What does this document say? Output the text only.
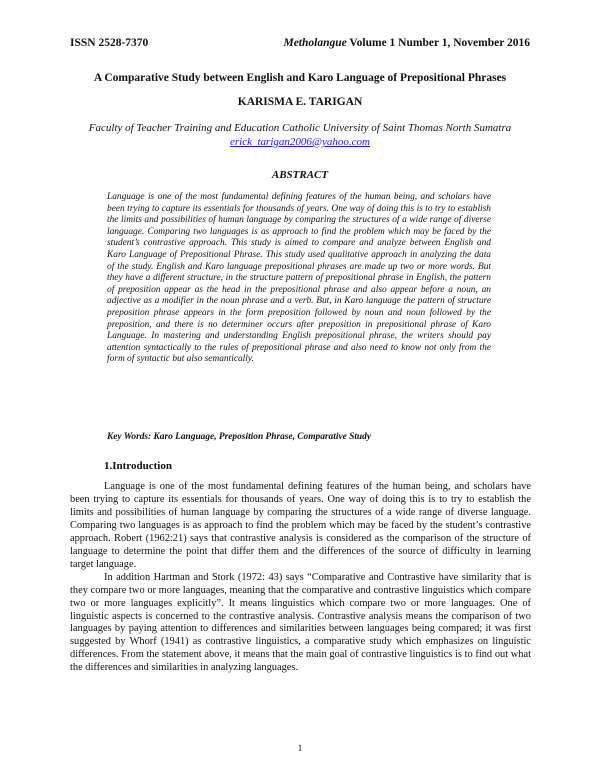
ISSN 2528-7370	Metholangue Volume 1 Number 1, November 2016
A Comparative Study between English and Karo Language of Prepositional Phrases
KARISMA E. TARIGAN
Faculty of Teacher Training and Education Catholic University of Saint Thomas North Sumatra
erick_tarigan2006@yahoo.com
ABSTRACT

Language is one of the most fundamental defining features of the human being, and scholars have been trying to capture its essentials for thousands of years. One way of doing this is to try to establish the limits and possibilities of human language by comparing the structures of a wide range of diverse language. Comparing two languages is as approach to find the problem which may be faced by the student’s contrastive approach. This study is aimed to compare and analyze between English and Karo Language of Prepositional Phrase. This study used qualitative approach in analyzing the data of the study. English and Karo language prepositional phrases are made up two or more words. But they have a different structure, in the structure pattern of prepositional phrase in English, the pattern of preposition appear as the head in the prepositional phrase and also appear before a noun, an adjective as a modifier in the noun phrase and a verb. But, in Karo language the pattern of structure preposition phrase appears in the form preposition followed by noun and noun followed by the preposition, and there is no determiner occurs after preposition in prepositional phrase of Karo Language. In mastering and understanding English prepositional phrase, the writers should pay attention syntactically to the rules of prepositional phrase and also need to know not only from the form of syntactic but also semantically.

Key Words: Karo Language, Preposition Phrase, Comparative Study

1.Introduction

Language is one of the most fundamental defining features of the human being, and scholars have been trying to capture its essentials for thousands of years. One way of doing this is to try to establish the limits and possibilities of human language by comparing the structures of a wide range of diverse language. Comparing two languages is as approach to find the problem which may be faced by the student’s contrastive approach. Robert (1962:21) says that contrastive analysis is considered as the comparison of the structure of language to determine the point that differ them and the differences of the source of difficulty in learning target language.

In addition Hartman and Stork (1972: 43) says “Comparative and Contrastive have similarity that is they compare two or more languages, meaning that the comparative and contrastive linguistics which compare two or more languages explicitly”. It means linguistics which compare two or more languages. One of linguistic aspects is concerned to the contrastive analysis. Contrastive analysis means the comparison of two languages by paying attention to differences and similarities between languages being compared; it was first suggested by Whorf (1941) as contrastive linguistics, a comparative study which emphasizes on linguistic differences. From the statement above, it means that the main goal of contrastive linguistics is to find out what the differences and similarities in analyzing languages.

1
